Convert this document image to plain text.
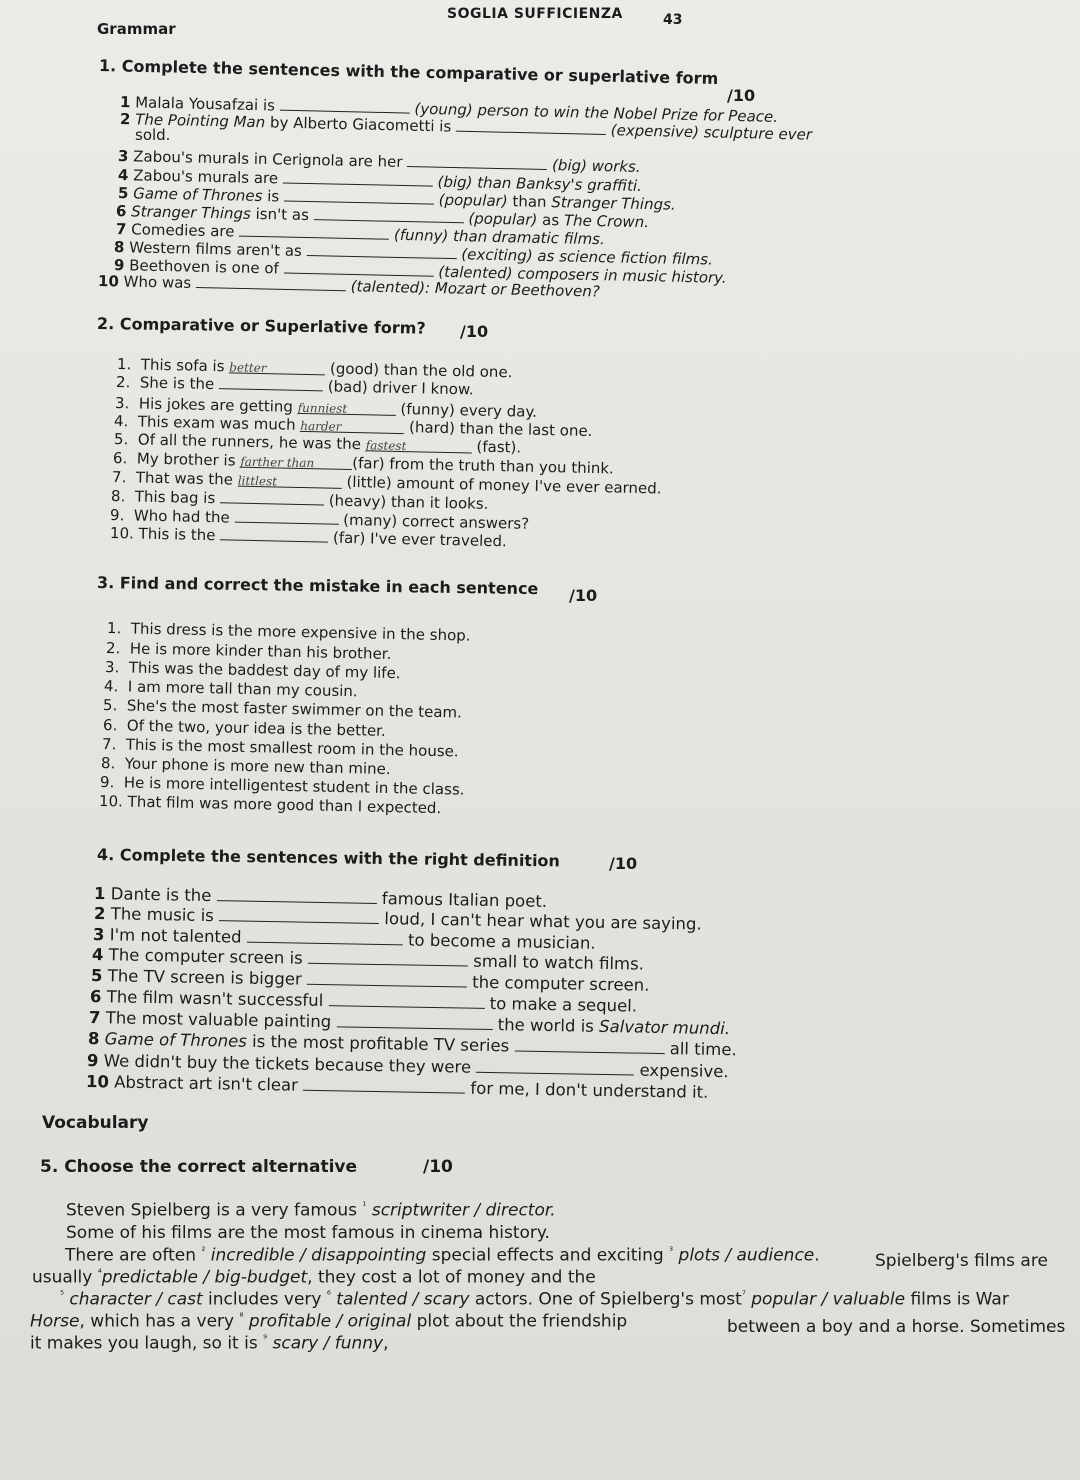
SOGLIA SUFFICIENZA	43
Grammar
1. Complete the sentences with the comparative or superlative form
/10
1 Malala Yousafzai is	(young) person to win the Nobel Prize for Peace.
2 The Pointing Man by Alberto Giacometti is	(expensive) sculpture ever
sold.
3 Zabou's murals in Cerignola are her	(big) works.
4 Zabou's murals are	(big) than Banksy's graffiti.
5 Game of Thrones is	(popular) than Stranger Things.
6 Stranger Things isn't as	(popular) as The Crown.
7 Comedies are	(funny) than dramatic films.
8 Western films aren't as	(exciting) as science fiction films.
9 Beethoven is one of	(talented) composers in music history.
10 Who was	(talented): Mozart or Beethoven?
2. Comparative or Superlative form? /10
1. This sofa is better	(good) than the old one.
2. She is the	(bad) driver I know.
3. His jokes are getting funniest	(funny) every day.
4. This exam was much harder	(hard) than the last one.
5. Of all the runners, he was the fastest	(fast).
6. My brother is farther than	(far) from the truth than you think.
7. That was the littlest	(little) amount of money I've ever earned.
8. This bag is	(heavy) than it looks.
9. Who had the	(many) correct answers?
10. This is the	(far) I've ever traveled.
3. Find and correct the mistake in each sentence /10
1. This dress is the more expensive in the shop.
2. He is more kinder than his brother.
3. This was the baddest day of my life.
4. I am more tall than my cousin.
5. She's the most faster swimmer on the team.
6. Of the two, your idea is the better.
7. This is the most smallest room in the house.
8. Your phone is more new than mine.
9. He is more intelligentest student in the class.
10. That film was more good than I expected.
4. Complete the sentences with the right definition	/10
1 Dante is the	famous Italian poet.
2 The music is	loud, I can't hear what you are saying.
3 I'm not talented	to become a musician.
4 The computer screen is	small to watch films.
5 The TV screen is bigger	the computer screen.
6 The film wasn't successful	to make a sequel.
7 The most valuable painting	the world is Salvator mundi.
8 Game of Thrones is the most profitable TV series	all time.
9 We didn't buy the tickets because they were	expensive.
10 Abstract art isn't clear	for me, I don't understand it.
Vocabulary
5. Choose the correct alternative	/10
Steven Spielberg is a very famous $^{^1}$ scriptwriter / director.
Some of his films are the most famous in cinema history.
There are often $^{^2}$ incredible / disappointing special effects and exciting $^{^3}$ plots / audience.	Spielberg's films are
usually $^{^4}$predictable / big-budget, they cost a lot of money and the
$^{^5}$ character / cast includes very $^{^6}$ talented / scary actors. One of Spielberg's most$^{^7}$ popular / valuable films is War
Horse, which has a very $^{^8}$ profitable / original plot about the friendship	between a boy and a horse. Sometimes
it makes you laugh, so it is $^{^9}$ scary / funny,
